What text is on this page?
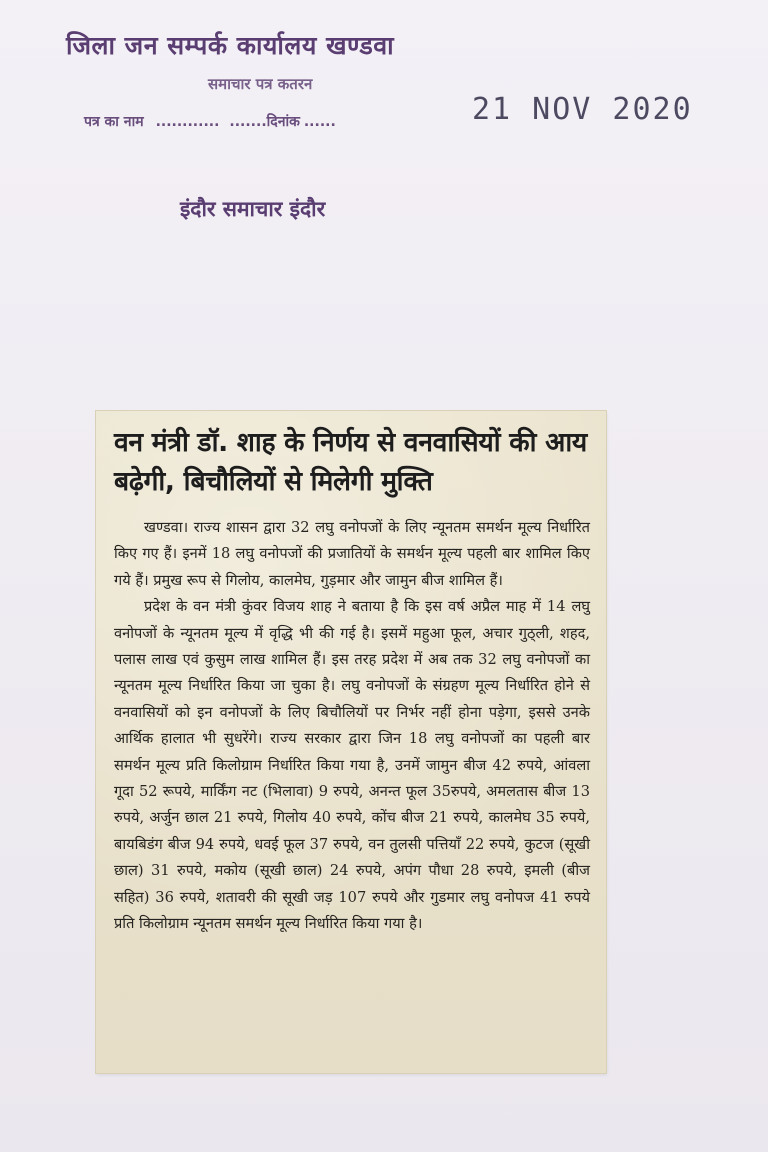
जिला जन सम्पर्क कार्यालय खण्डवा
समाचार पत्र कतरन
पत्र का नाम ............ ....... दिनांक ......	21 NOV 2020
इंदौर समाचार इंदौर
वन मंत्री डॉ. शाह के निर्णय से वनवासियों की आय बढ़ेगी, बिचौलियों से मिलेगी मुक्ति

खण्डवा। राज्य शासन द्वारा 32 लघु वनोपजों के लिए न्यूनतम समर्थन मूल्य निर्धारित किए गए हैं। इनमें 18 लघु वनोपजों की प्रजातियों के समर्थन मूल्य पहली बार शामिल किए गये हैं। प्रमुख रूप से गिलोय, कालमेघ, गुड़मार और जामुन बीज शामिल हैं।

प्रदेश के वन मंत्री कुंवर विजय शाह ने बताया है कि इस वर्ष अप्रैल माह में 14 लघु वनोपजों के न्यूनतम मूल्य में वृद्धि भी की गई है। इसमें महुआ फूल, अचार गुठ्ली, शहद, पलास लाख एवं कुसुम लाख शामिल हैं। इस तरह प्रदेश में अब तक 32 लघु वनोपजों का न्यूनतम मूल्य निर्धारित किया जा चुका है। लघु वनोपजों के संग्रहण मूल्य निर्धारित होने से वनवासियों को इन वनोपजों के लिए बिचौलियों पर निर्भर नहीं होना पड़ेगा, इससे उनके आर्थिक हालात भी सुधरेंगे। राज्य सरकार द्वारा जिन 18 लघु वनोपजों का पहली बार समर्थन मूल्य प्रति किलोग्राम निर्धारित किया गया है, उनमें जामुन बीज 42 रुपये, आंवला गूदा 52 रूपये, मार्किंग नट (भिलावा) 9 रुपये, अनन्त फूल 35रुपये, अमलतास बीज 13 रुपये, अर्जुन छाल 21 रुपये, गिलोय 40 रुपये, कोंच बीज 21 रुपये, कालमेघ 35 रुपये, बायबिडंग बीज 94 रुपये, धवई फूल 37 रुपये, वन तुलसी पत्तियाँ 22 रुपये, कुटज (सूखी छाल) 31 रुपये, मकोय (सूखी छाल) 24 रुपये, अपंग पौधा 28 रुपये, इमली (बीज सहित) 36 रुपये, शतावरी की सूखी जड़ 107 रुपये और गुडमार लघु वनोपज 41 रुपये प्रति किलोग्राम न्यूनतम समर्थन मूल्य निर्धारित किया गया है।
